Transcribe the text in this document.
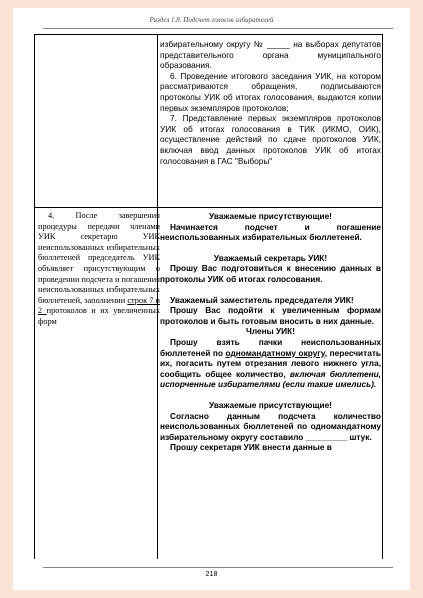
Раздел 1.8. Подсчет голосов избирателей
218

избирательному округу № _____ на выборах депутатов представительного органа муниципального образования.

6. Проведение итогового заседания УИК, на котором рассматриваются обращения, подписываются протоколы УИК об итогах голосования, выдаются копии первых экземпляров протоколов;

7. Представление первых экземпляров протоколов УИК об итогах голосования в ТИК (ИКМО, ОИК), осуществление действий по сдаче протоколов УИК, включая ввод данных протоколов УИК об итогах голосования в ГАС "Выборы"

4. После завершения процедуры передачи членами УИК секретарю УИК неиспользованных избирательных бюллетеней председатель УИК объявляет присутствующим о проведении подсчета и погашения неиспользованных избирательных бюллетеней, заполнении строк 7 и 2 протоколов и их увеличенных форм

Уважаемые присутствующие!

Начинается подсчет и погашение неиспользованных избирательных бюллетеней.

Уважаемый секретарь УИК!

Прошу Вас подготовиться к внесению данных в протоколы УИК об итогах голосования.

Уважаемый заместитель председателя УИК!

Прошу Вас подойти к увеличенным формам протоколов и быть готовым вносить в них данные.

Члены УИК!

Прошу взять пачки неиспользованных бюллетеней по одномандатному округу, пересчитать их, погасить путем отрезания левого нижнего угла, сообщить общее количество, включая бюллетени, испорченные избирателями (если такие имелись).

Уважаемые присутствующие!

Согласно данным подсчета количество неиспользованных бюллетеней по одномандатному избирательному округу составило _________ штук.

Прошу секретаря УИК внести данные в
